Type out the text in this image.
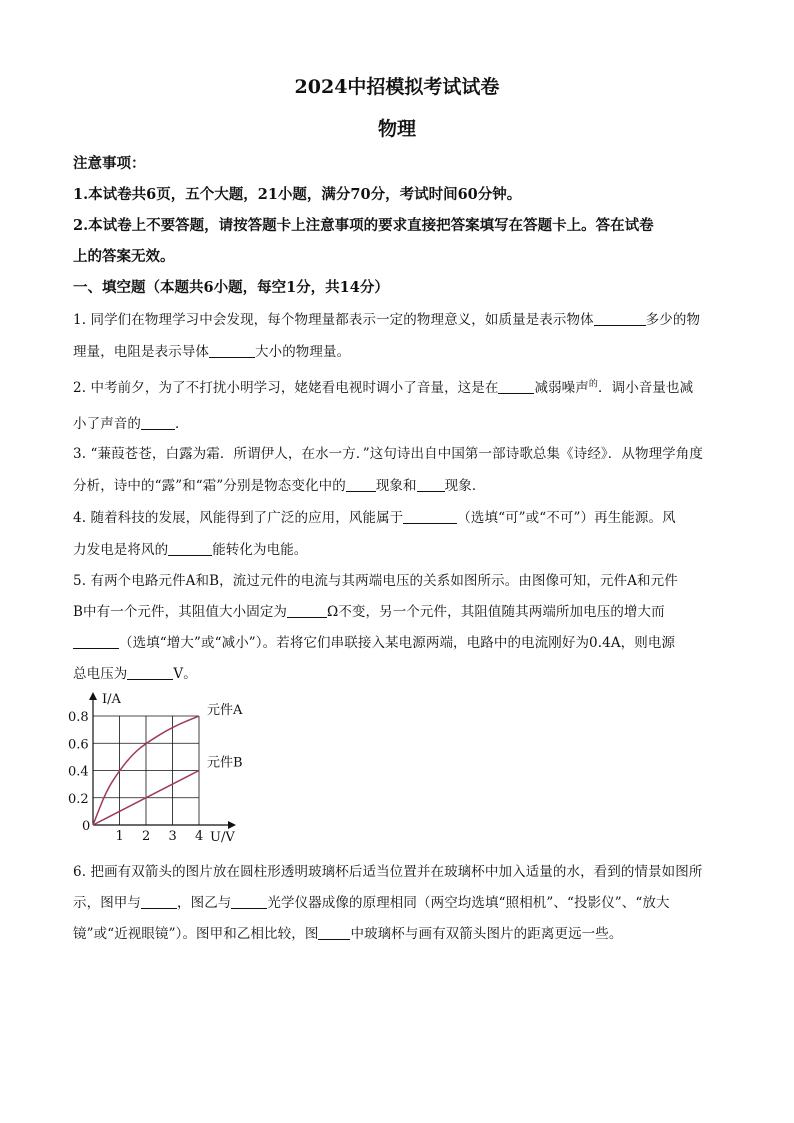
2024中招模拟考试试卷
物理
注意事项：
1.本试卷共6页，五个大题，21小题，满分70分，考试时间60分钟。
2.本试卷上不要答题，请按答题卡上注意事项的要求直接把答案填写在答题卡上。答在试卷
上的答案无效。
一、填空题（本题共6小题，每空1分，共14分）
1. 同学们在物理学习中会发现，每个物理量都表示一定的物理意义，如质量是表示物体	多少的物
理量，电阻是表示导体	大小的物理量。
2. 中考前夕，为了不打扰小明学习，姥姥看电视时调小了音量，这是在	减弱噪声$^的$．调小音量也减
小了声音的	．
3. “蒹葭苍苍，白露为霜．所谓伊人，在水一方．”这句诗出自中国第一部诗歌总集《诗经》．从物理学角度
分析，诗中的“露”和“霜”分别是物态变化中的 现象和 现象．
4. 随着科技的发展，风能得到了广泛的应用，风能属于	（选填“可”或“不可”）再生能源。风
力发电是将风的	能转化为电能。
5. 有两个电路元件A和B，流过元件的电流与其两端电压的关系如图所示。由图像可知，元件A和元件
B中有一个元件，其阻值大小固定为	Ω不变，另一个元件，其阻值随其两端所加电压的增大而
（选填“增大”或“减小”）。若将它们串联接入某电源两端，电路中的电流刚好为0.4A，则电源
总电压为	V。
1 2 3 4
0.2
0.4
0.6
0.8	元件A
元件B
I/A
U/V
0
6. 把画有双箭头的图片放在圆柱形透明玻璃杯后适当位置并在玻璃杯中加入适量的水，看到的情景如图所
示，图甲与	，图乙与	光学仪器成像的原理相同（两空均选填“照相机”、“投影仪”、“放大
镜”或“近视眼镜”）。图甲和乙相比较，图 中玻璃杯与画有双箭头图片的距离更远一些。
